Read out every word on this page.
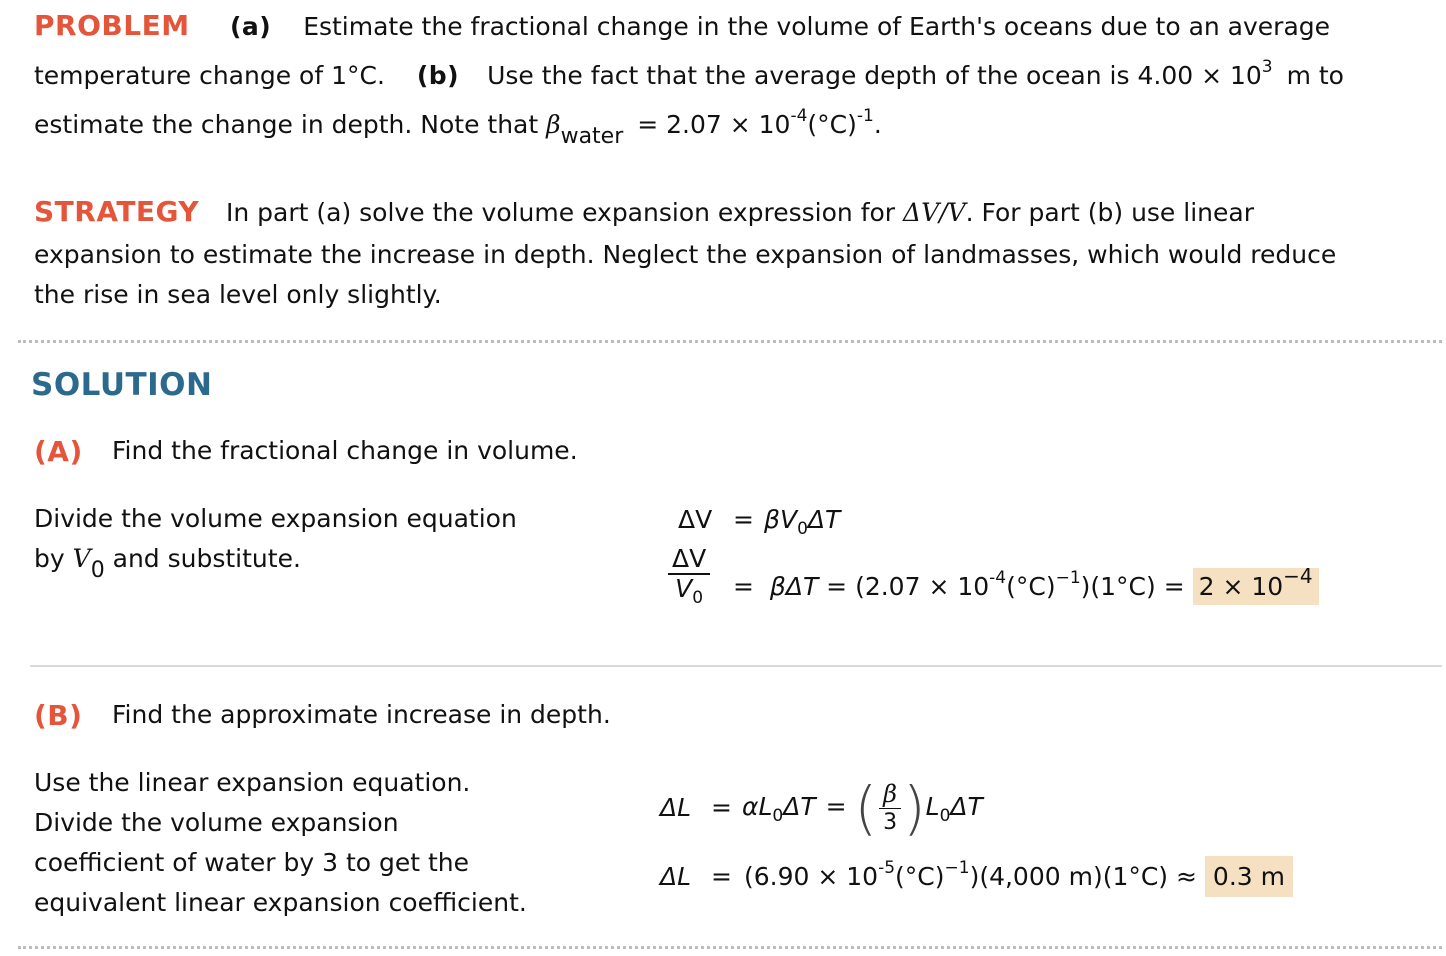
PROBLEM (a) Estimate the fractional change in the volume of Earth's oceans due to an average
temperature change of 1°C. (b) Use the fact that the average depth of the ocean is $4.00 \times 10^3$ m to
estimate the change in depth. Note that $\beta_{water} = 2.07 \times 10^{-4}(^\circ C)^{-1}$.
STRATEGY In part (a) solve the volume expansion expression for ΔV/V. For part (b) use linear
expansion to estimate the increase in depth. Neglect the expansion of landmasses, which would reduce
the rise in sea level only slightly.
SOLUTION
(A) Find the fractional change in volume.
Divide the volume expansion equation
by $V_0$ and substitute.
$\Delta V = \beta V_0\Delta T$
$\frac{\Delta V}{V_0} = \beta\Delta T = (2.07 \times 10^{-4}(^\circ C)^{-1})(1^\circ C) = 2 \times 10^{-4}$
(B) Find the approximate increase in depth.
Use the linear expansion equation.
Divide the volume expansion
coefficient of water by 3 to get the
equivalent linear expansion coefficient.
$\Delta L = \alpha L_0\Delta T$ = ( $\frac{\beta}{3} )L_0\Delta T$
$\Delta L = (6.90 \times 10^{-5}(^\circ C)^{-1})(4,000$ m)(1°C) ≈ 0.3 m
